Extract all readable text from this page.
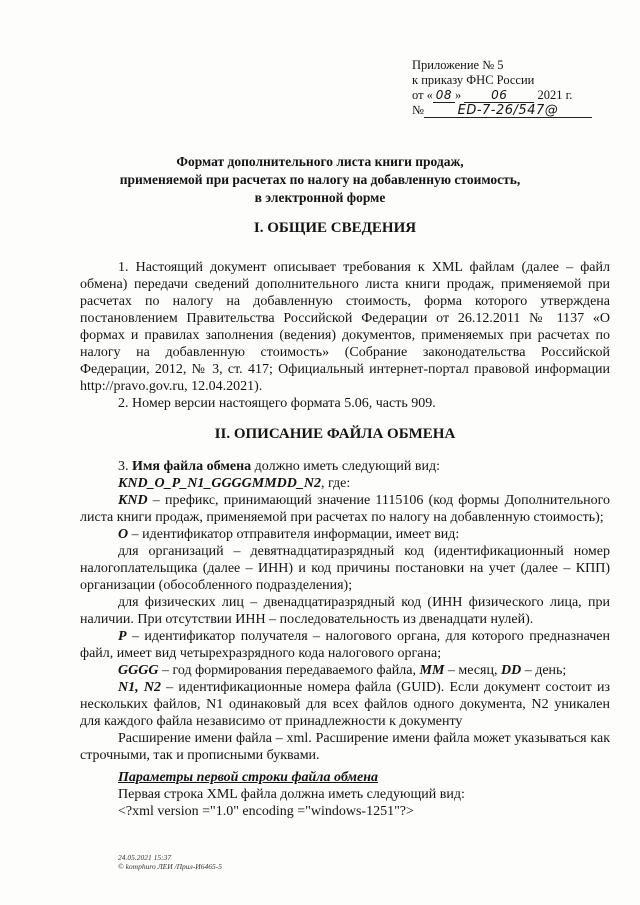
Приложение № 5
к приказу ФНС России
от « 08 » 06 2021 г.
№	ЕD-7-26/547@
Формат дополнительного листа книги продаж,
применяемой при расчетах по налогу на добавленную стоимость,
в электронной форме
I. ОБЩИЕ СВЕДЕНИЯ

1. Настоящий документ описывает требования к XML файлам (далее – файл обмена) передачи сведений дополнительного листа книги продаж, применяемой при расчетах по налогу на добавленную стоимость, форма которого утверждена постановлением Правительства Российской Федерации от 26.12.2011 № 1137 «О формах и правилах заполнения (ведения) документов, применяемых при расчетах по налогу на добавленную стоимость» (Собрание законодательства Российской Федерации, 2012, № 3, ст. 417; Официальный интернет-портал правовой информации http://pravo.gov.ru, 12.04.2021).

2. Номер версии настоящего формата 5.06, часть 909.

II. ОПИСАНИЕ ФАЙЛА ОБМЕНА

3. Имя файла обмена должно иметь следующий вид:

KND_O_P_N1_GGGGMMDD_N2, где:

KND – префикс, принимающий значение 1115106 (код формы Дополнительного листа книги продаж, применяемой при расчетах по налогу на добавленную стоимость);

O – идентификатор отправителя информации, имеет вид:

для организаций – девятнадцатиразрядный код (идентификационный номер налогоплательщика (далее – ИНН) и код причины постановки на учет (далее – КПП) организации (обособленного подразделения);

для физических лиц – двенадцатиразрядный код (ИНН физического лица, при наличии. При отсутствии ИНН – последовательность из двенадцати нулей).

P – идентификатор получателя – налогового органа, для которого предназначен файл, имеет вид четырехразрядного кода налогового органа;

GGGG – год формирования передаваемого файла, MM – месяц, DD – день;

N1, N2 – идентификационные номера файла (GUID). Если документ состоит из нескольких файлов, N1 одинаковый для всех файлов одного документа, N2 уникален для каждого файла независимо от принадлежности к документу

Расширение имени файла – xml. Расширение имени файла может указываться как строчными, так и прописными буквами.

Параметры первой строки файла обмена

Первая строка XML файла должна иметь следующий вид:

<?xml version ="1.0" encoding ="windows-1251"?>

24.05.2021 15:37
© komphuro ЛЕИ /Прил-И6465-5
